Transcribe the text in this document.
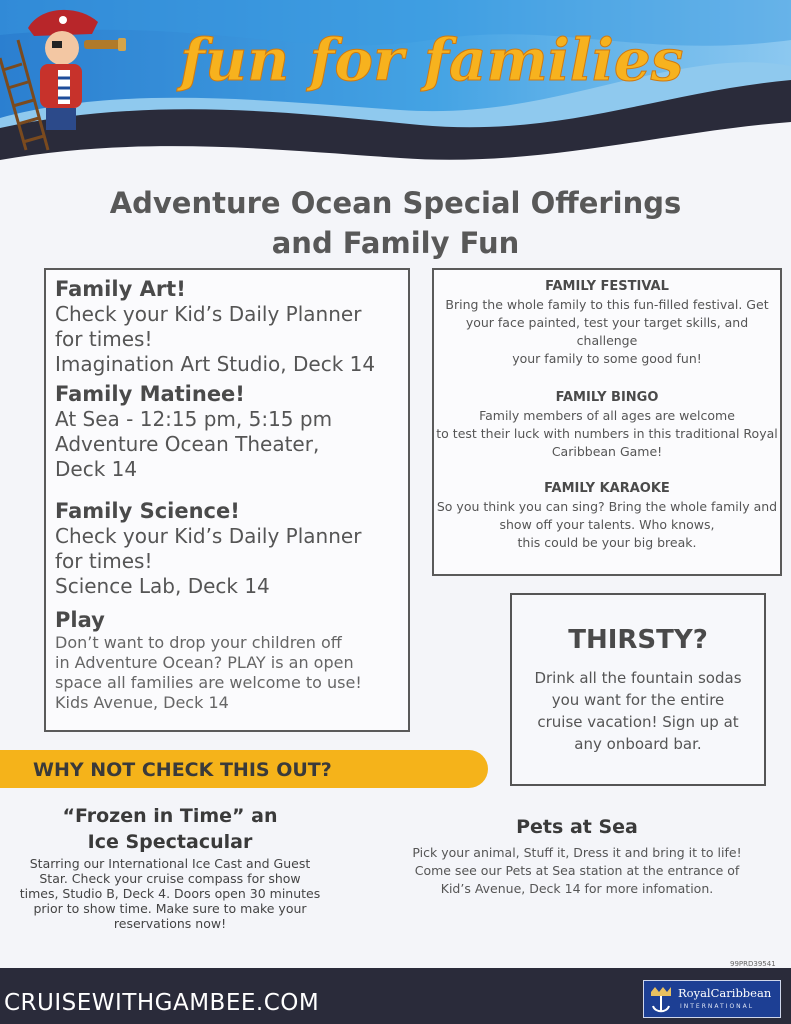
fun for families
Adventure Ocean Special Offerings
and Family Fun
Family Art!
Check your Kid’s Daily Planner
for times!
Imagination Art Studio, Deck 14
Family Matinee!
At Sea - 12:15 pm, 5:15 pm
Adventure Ocean Theater,
Deck 14
Family Science!
Check your Kid’s Daily Planner
for times!
Science Lab, Deck 14
Play
Don’t want to drop your children off
in Adventure Ocean? PLAY is an open
space all families are welcome to use!
Kids Avenue, Deck 14
FAMILY FESTIVAL
Bring the whole family to this fun-filled festival. Get
your face painted, test your target skills, and challenge
your family to some good fun!
FAMILY BINGO
Family members of all ages are welcome
to test their luck with numbers in this traditional Royal
Caribbean Game!
FAMILY KARAOKE
So you think you can sing? Bring the whole family and
show off your talents. Who knows,
this could be your big break.
THIRSTY?
Drink all the fountain sodas
you want for the entire
cruise vacation! Sign up at
any onboard bar.
WHY NOT CHECK THIS OUT?
“Frozen in Time” an
Ice Spectacular
Starring our International Ice Cast and Guest
Star. Check your cruise compass for show
times, Studio B, Deck 4. Doors open 30 minutes
prior to show time. Make sure to make your
reservations now!
Pets at Sea
Pick your animal, Stuff it, Dress it and bring it to life!
Come see our Pets at Sea station at the entrance of
Kid’s Avenue, Deck 14 for more infomation.
99PRD39541
CRUISEWITHGAMBEE.COM	RoyalCaribbean
INTERNATIONAL
